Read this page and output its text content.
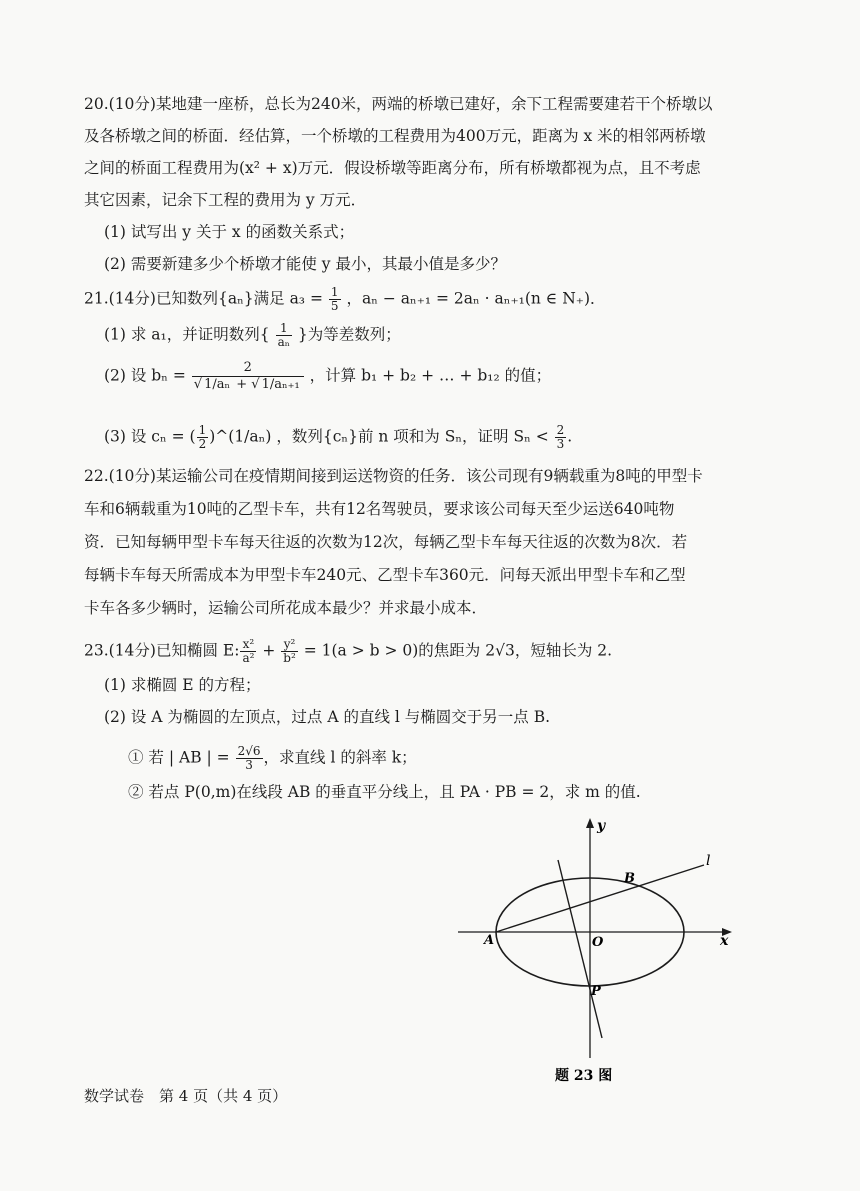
20.(10分)某地建一座桥，总长为240米，两端的桥墩已建好，余下工程需要建若干个桥墩以
及各桥墩之间的桥面．经估算，一个桥墩的工程费用为400万元，距离为 x 米的相邻两桥墩
之间的桥面工程费用为(x² + x)万元．假设桥墩等距离分布，所有桥墩都视为点，且不考虑
其它因素，记余下工程的费用为 y 万元．
(1) 试写出 y 关于 x 的函数关系式；
(2) 需要新建多少个桥墩才能使 y 最小，其最小值是多少？
21.(14分)已知数列{aₙ}满足 $a_3 = \frac{1}{5}$ ，aₙ − aₙ₊₁ = 2aₙ · aₙ₊₁(n ∈ N₊)．
(1) 求 a₁，并证明数列{ $\frac{1}{\text{aₙ}}$ }为等差数列；
(2) 设 $b_n = \frac{2}{\text{√ 1/aₙ + √ 1/aₙ₊₁}}$ ，计算 b₁ + b₂ + … + b₁₂ 的值；
(3) 设 cₙ = ( $\frac{1}{2}$ )^(1/aₙ) ，数列{cₙ}前 n 项和为 Sₙ，证明 $S_n < \frac{2}{3}$ .
22.(10分)某运输公司在疫情期间接到运送物资的任务．该公司现有9辆载重为8吨的甲型卡
车和6辆载重为10吨的乙型卡车，共有12名驾驶员，要求该公司每天至少运送640吨物
资．已知每辆甲型卡车每天往返的次数为12次，每辆乙型卡车每天往返的次数为8次．若
每辆卡车每天所需成本为甲型卡车240元、乙型卡车360元．问每天派出甲型卡车和乙型
卡车各多少辆时，运输公司所花成本最少？并求最小成本．
23.(14分)已知椭圆 E: $\frac{\text{x²}}{\text{a²}} + \frac{\text{y²}}{\text{b²}} = 1(a > b > 0)$的焦距为 2√3，短轴长为 2.
(1) 求椭圆 E 的方程；
(2) 设 A 为椭圆的左顶点，过点 A 的直线 l 与椭圆交于另一点 B.
① 若 | AB | = $\frac{2√6}{3}$ ，求直线 l 的斜率 k；
② 若点 P(0,m)在线段 AB 的垂直平分线上，且 PA · PB = 2，求 m 的值.
y
x
l
B
A	O
P
题 23 图
数学试卷　第 4 页（共 4 页）
